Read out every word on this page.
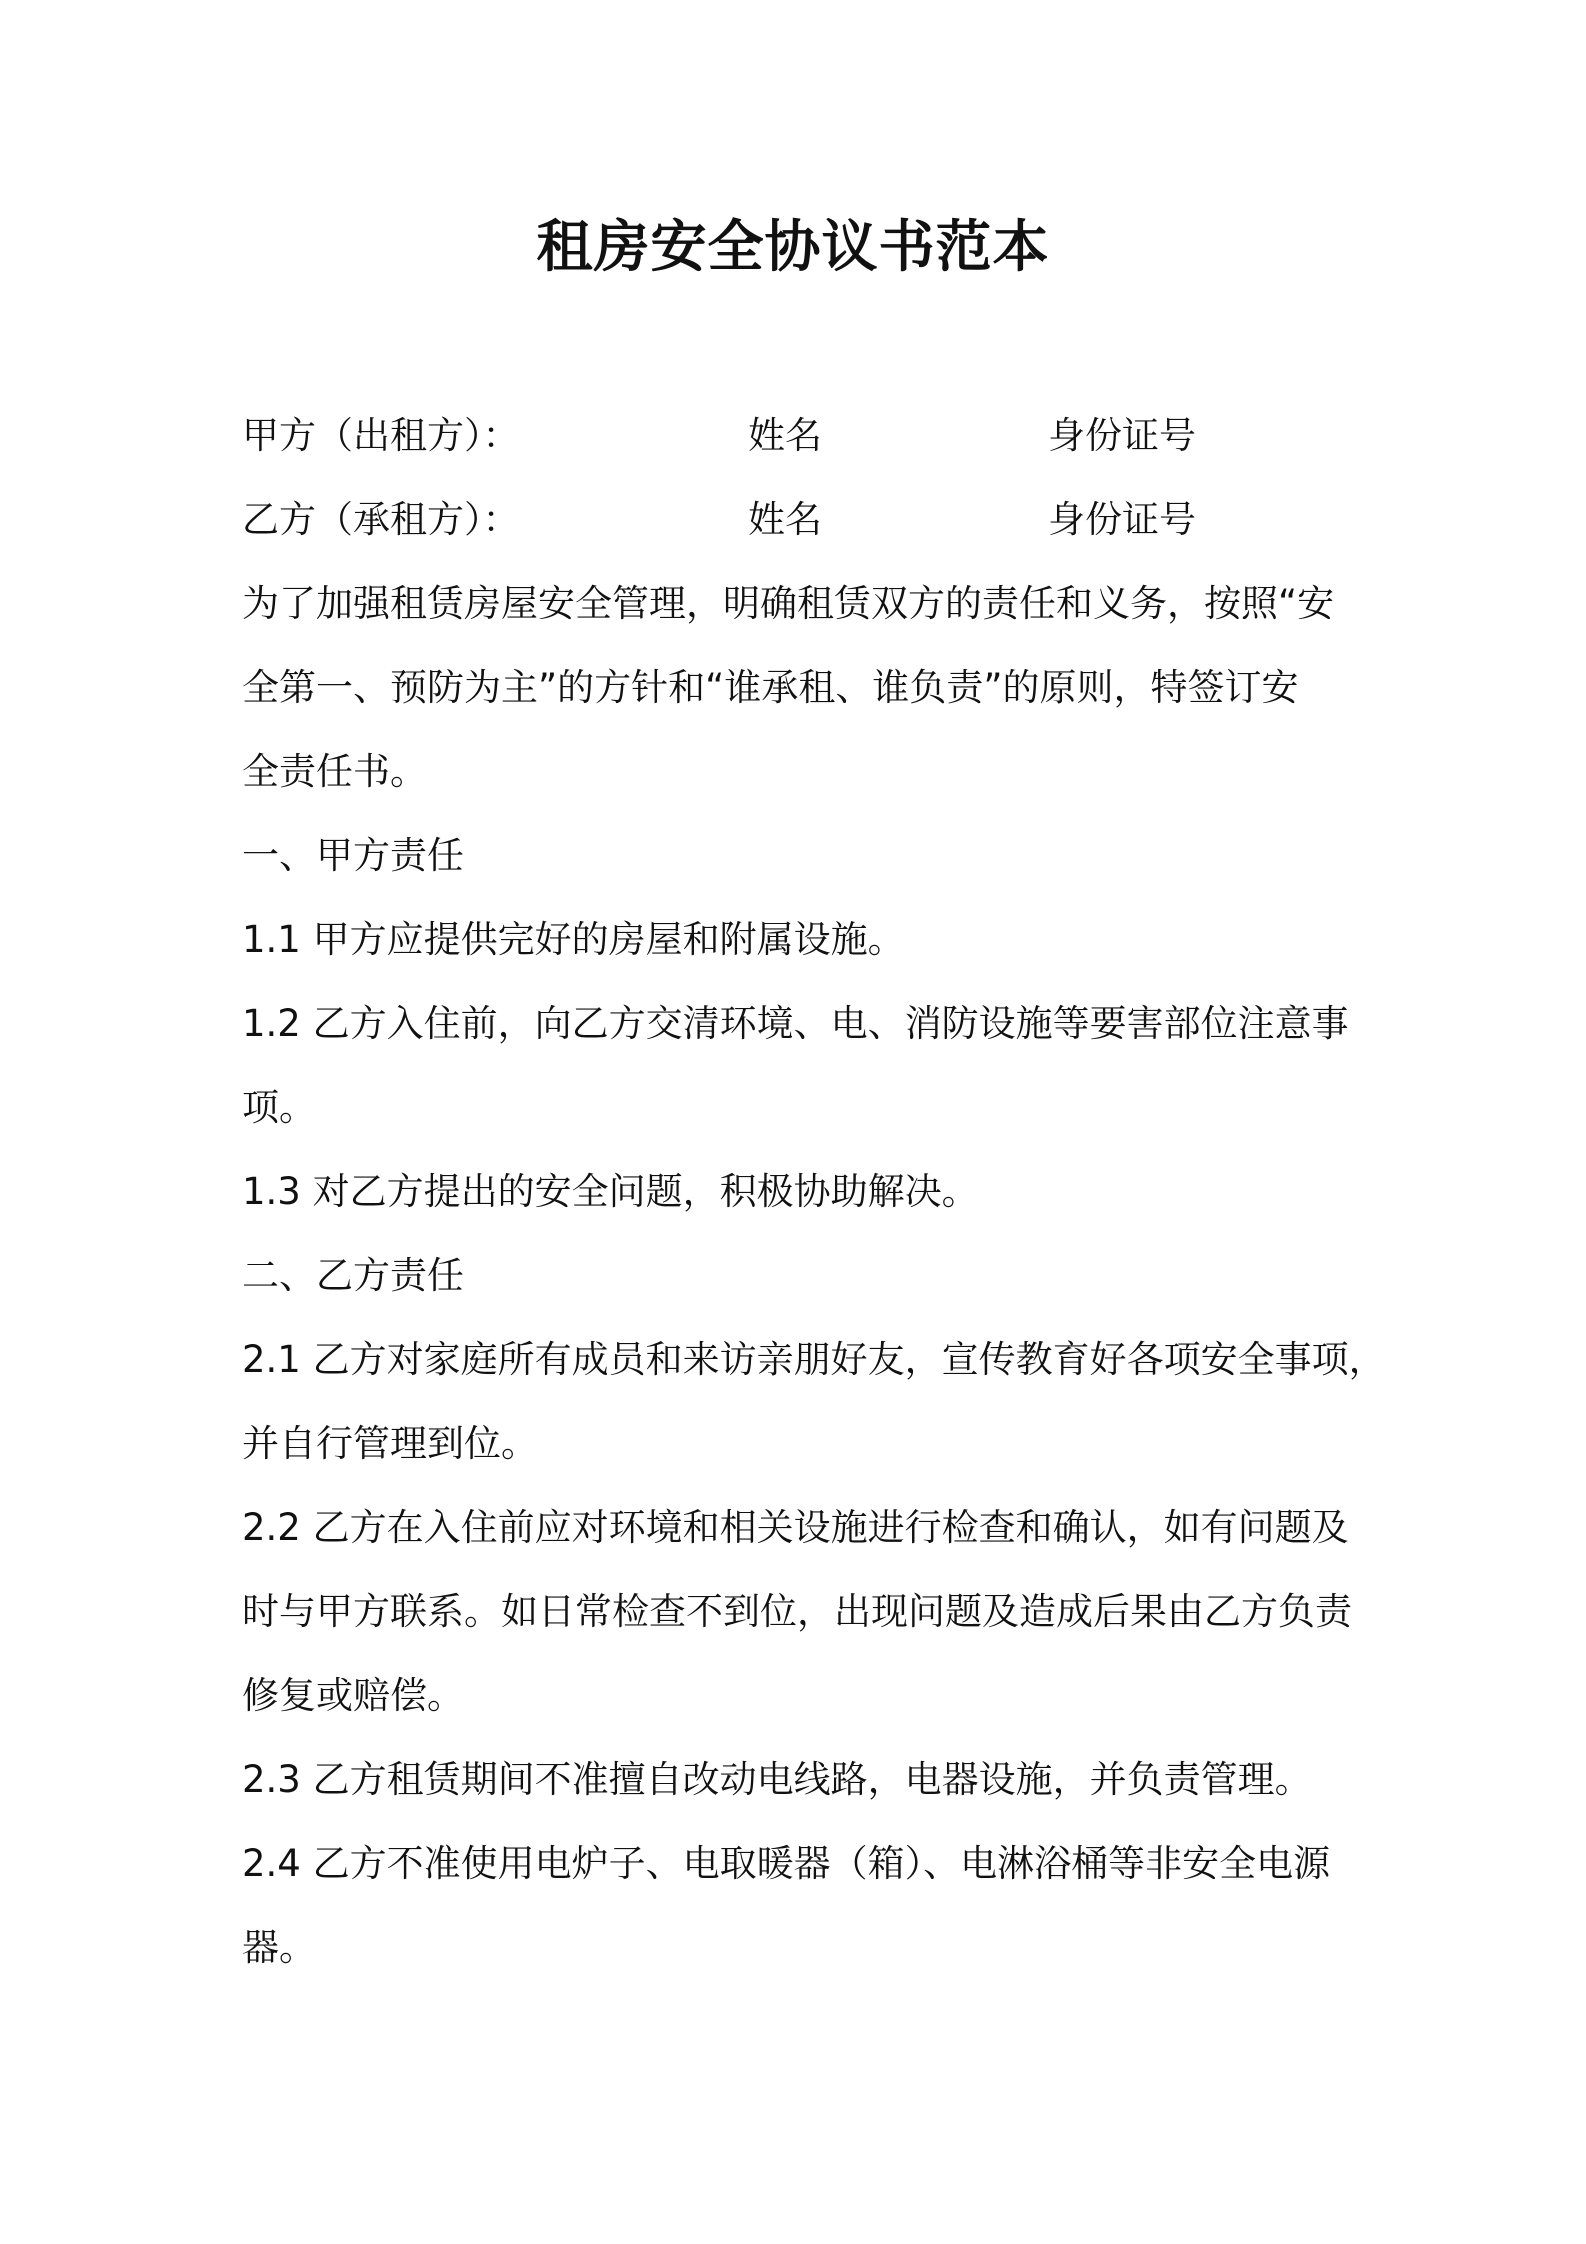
租房安全协议书范本
甲方（出租方）：	姓名	身份证号
乙方（承租方）：	姓名	身份证号
为了加强租赁房屋安全管理，明确租赁双方的责任和义务，按照“安
全第一、预防为主”的方针和“谁承租、谁负责”的原则，特签订安
全责任书。
一、甲方责任
1.1 甲方应提供完好的房屋和附属设施。
1.2 乙方入住前，向乙方交清环境、电、消防设施等要害部位注意事
项。
1.3 对乙方提出的安全问题，积极协助解决。
二、乙方责任
2.1 乙方对家庭所有成员和来访亲朋好友，宣传教育好各项安全事项，
并自行管理到位。
2.2 乙方在入住前应对环境和相关设施进行检查和确认，如有问题及
时与甲方联系。如日常检查不到位，出现问题及造成后果由乙方负责
修复或赔偿。
2.3 乙方租赁期间不准擅自改动电线路，电器设施，并负责管理。
2.4 乙方不准使用电炉子、电取暖器（箱）、电淋浴桶等非安全电源
器。
